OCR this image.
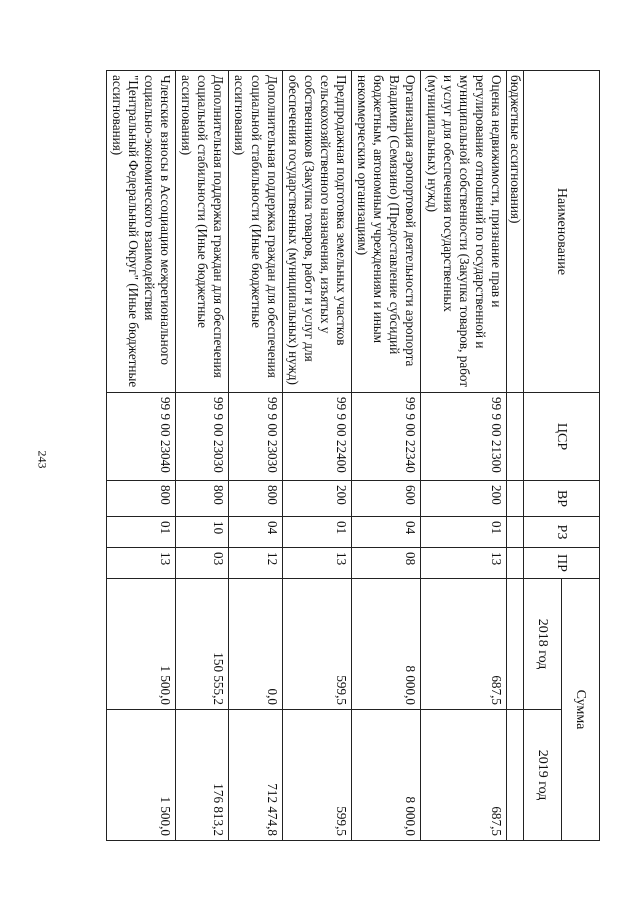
243
Наименование	ЦСР	ВР	РЗ	ПР	Сумма	
					2018 год	2019 год
бюджетные ассигнования)						
Оценка недвижимости, признание прав и регулирование отношений по государственной и муниципальной собственности (Закупка товаров, работ и услуг для обеспечения государственных (муниципальных) нужд)	99 9 00 21300	200	01	13	687,5	687,5
Организация аэропортовой деятельности аэропорта Владимир (Семязино) (Предоставление субсидий бюджетным, автономным учреждениям и иным некоммерческим организациям)	99 9 00 22340	600	04	08	8 000,0	8 000,0
Предпродажная подготовка земельных участков сельскохозяйственного назначения, изъятых у собственников (Закупка товаров, работ и услуг для обеспечения государственных (муниципальных) нужд)	99 9 00 22400	200	01	13	599,5	599,5
Дополнительная поддержка граждан для обеспечения социальной стабильности (Иные бюджетные ассигнования)	99 9 00 23030	800	04	12	0,0	712 474,8
Дополнительная поддержка граждан для обеспечения социальной стабильности (Иные бюджетные ассигнования)	99 9 00 23030	800	10	03	150 555,2	176 813,2
Членские взносы в Ассоциацию межрегионального социально-экономического взаимодействия "Центральный Федеральный Округ" (Иные бюджетные ассигнования)	99 9 00 23040	800	01	13	1 500,0	1 500,0
